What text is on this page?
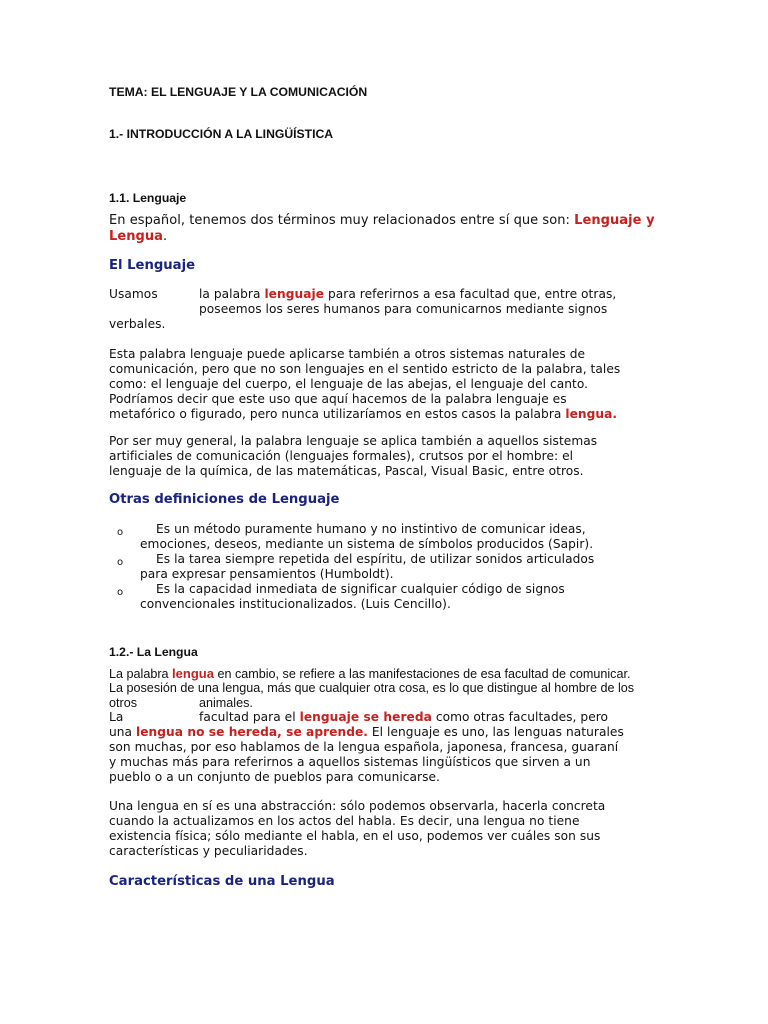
TEMA: EL LENGUAJE Y LA COMUNICACIÓN
1.- INTRODUCCIÓN A LA LINGÜÍSTICA
1.1. Lenguaje
En español, tenemos dos términos muy relacionados entre sí que son: Lenguaje y
Lengua.
El Lenguaje
Usamos	la palabra lenguaje para referirnos a esa facultad que, entre otras,
poseemos los seres humanos para comunicarnos mediante signos
verbales.
Esta palabra lenguaje puede aplicarse también a otros sistemas naturales de
comunicación, pero que no son lenguajes en el sentido estricto de la palabra, tales
como: el lenguaje del cuerpo, el lenguaje de las abejas, el lenguaje del canto.
Podríamos decir que este uso que aquí hacemos de la palabra lenguaje es
metafórico o figurado, pero nunca utilizaríamos en estos casos la palabra lengua.
Por ser muy general, la palabra lenguaje se aplica también a aquellos sistemas
artificiales de comunicación (lenguajes formales), crutsos por el hombre: el
lenguaje de la química, de las matemáticas, Pascal, Visual Basic, entre otros.
Otras definiciones de Lenguaje
o	Es un método puramente humano y no instintivo de comunicar ideas,
emociones, deseos, mediante un sistema de símbolos producidos (Sapir).
o	Es la tarea siempre repetida del espíritu, de utilizar sonidos articulados
para expresar pensamientos (Humboldt).
o	Es la capacidad inmediata de significar cualquier código de signos
convencionales institucionalizados. (Luis Cencillo).
1.2.- La Lengua
La palabra lengua en cambio, se refiere a las manifestaciones de esa facultad de comunicar.
La posesión de una lengua, más que cualquier otra cosa, es lo que distingue al hombre de los
otros	animales.
La	facultad para el lenguaje se hereda como otras facultades, pero
una lengua no se hereda, se aprende. El lenguaje es uno, las lenguas naturales
son muchas, por eso hablamos de la lengua española, japonesa, francesa, guaraní
y muchas más para referirnos a aquellos sistemas lingüísticos que sirven a un
pueblo o a un conjunto de pueblos para comunicarse.
Una lengua en sí es una abstracción: sólo podemos observarla, hacerla concreta
cuando la actualizamos en los actos del habla. Es decir, una lengua no tiene
existencia física; sólo mediante el habla, en el uso, podemos ver cuáles son sus
características y peculiaridades.
Características de una Lengua
